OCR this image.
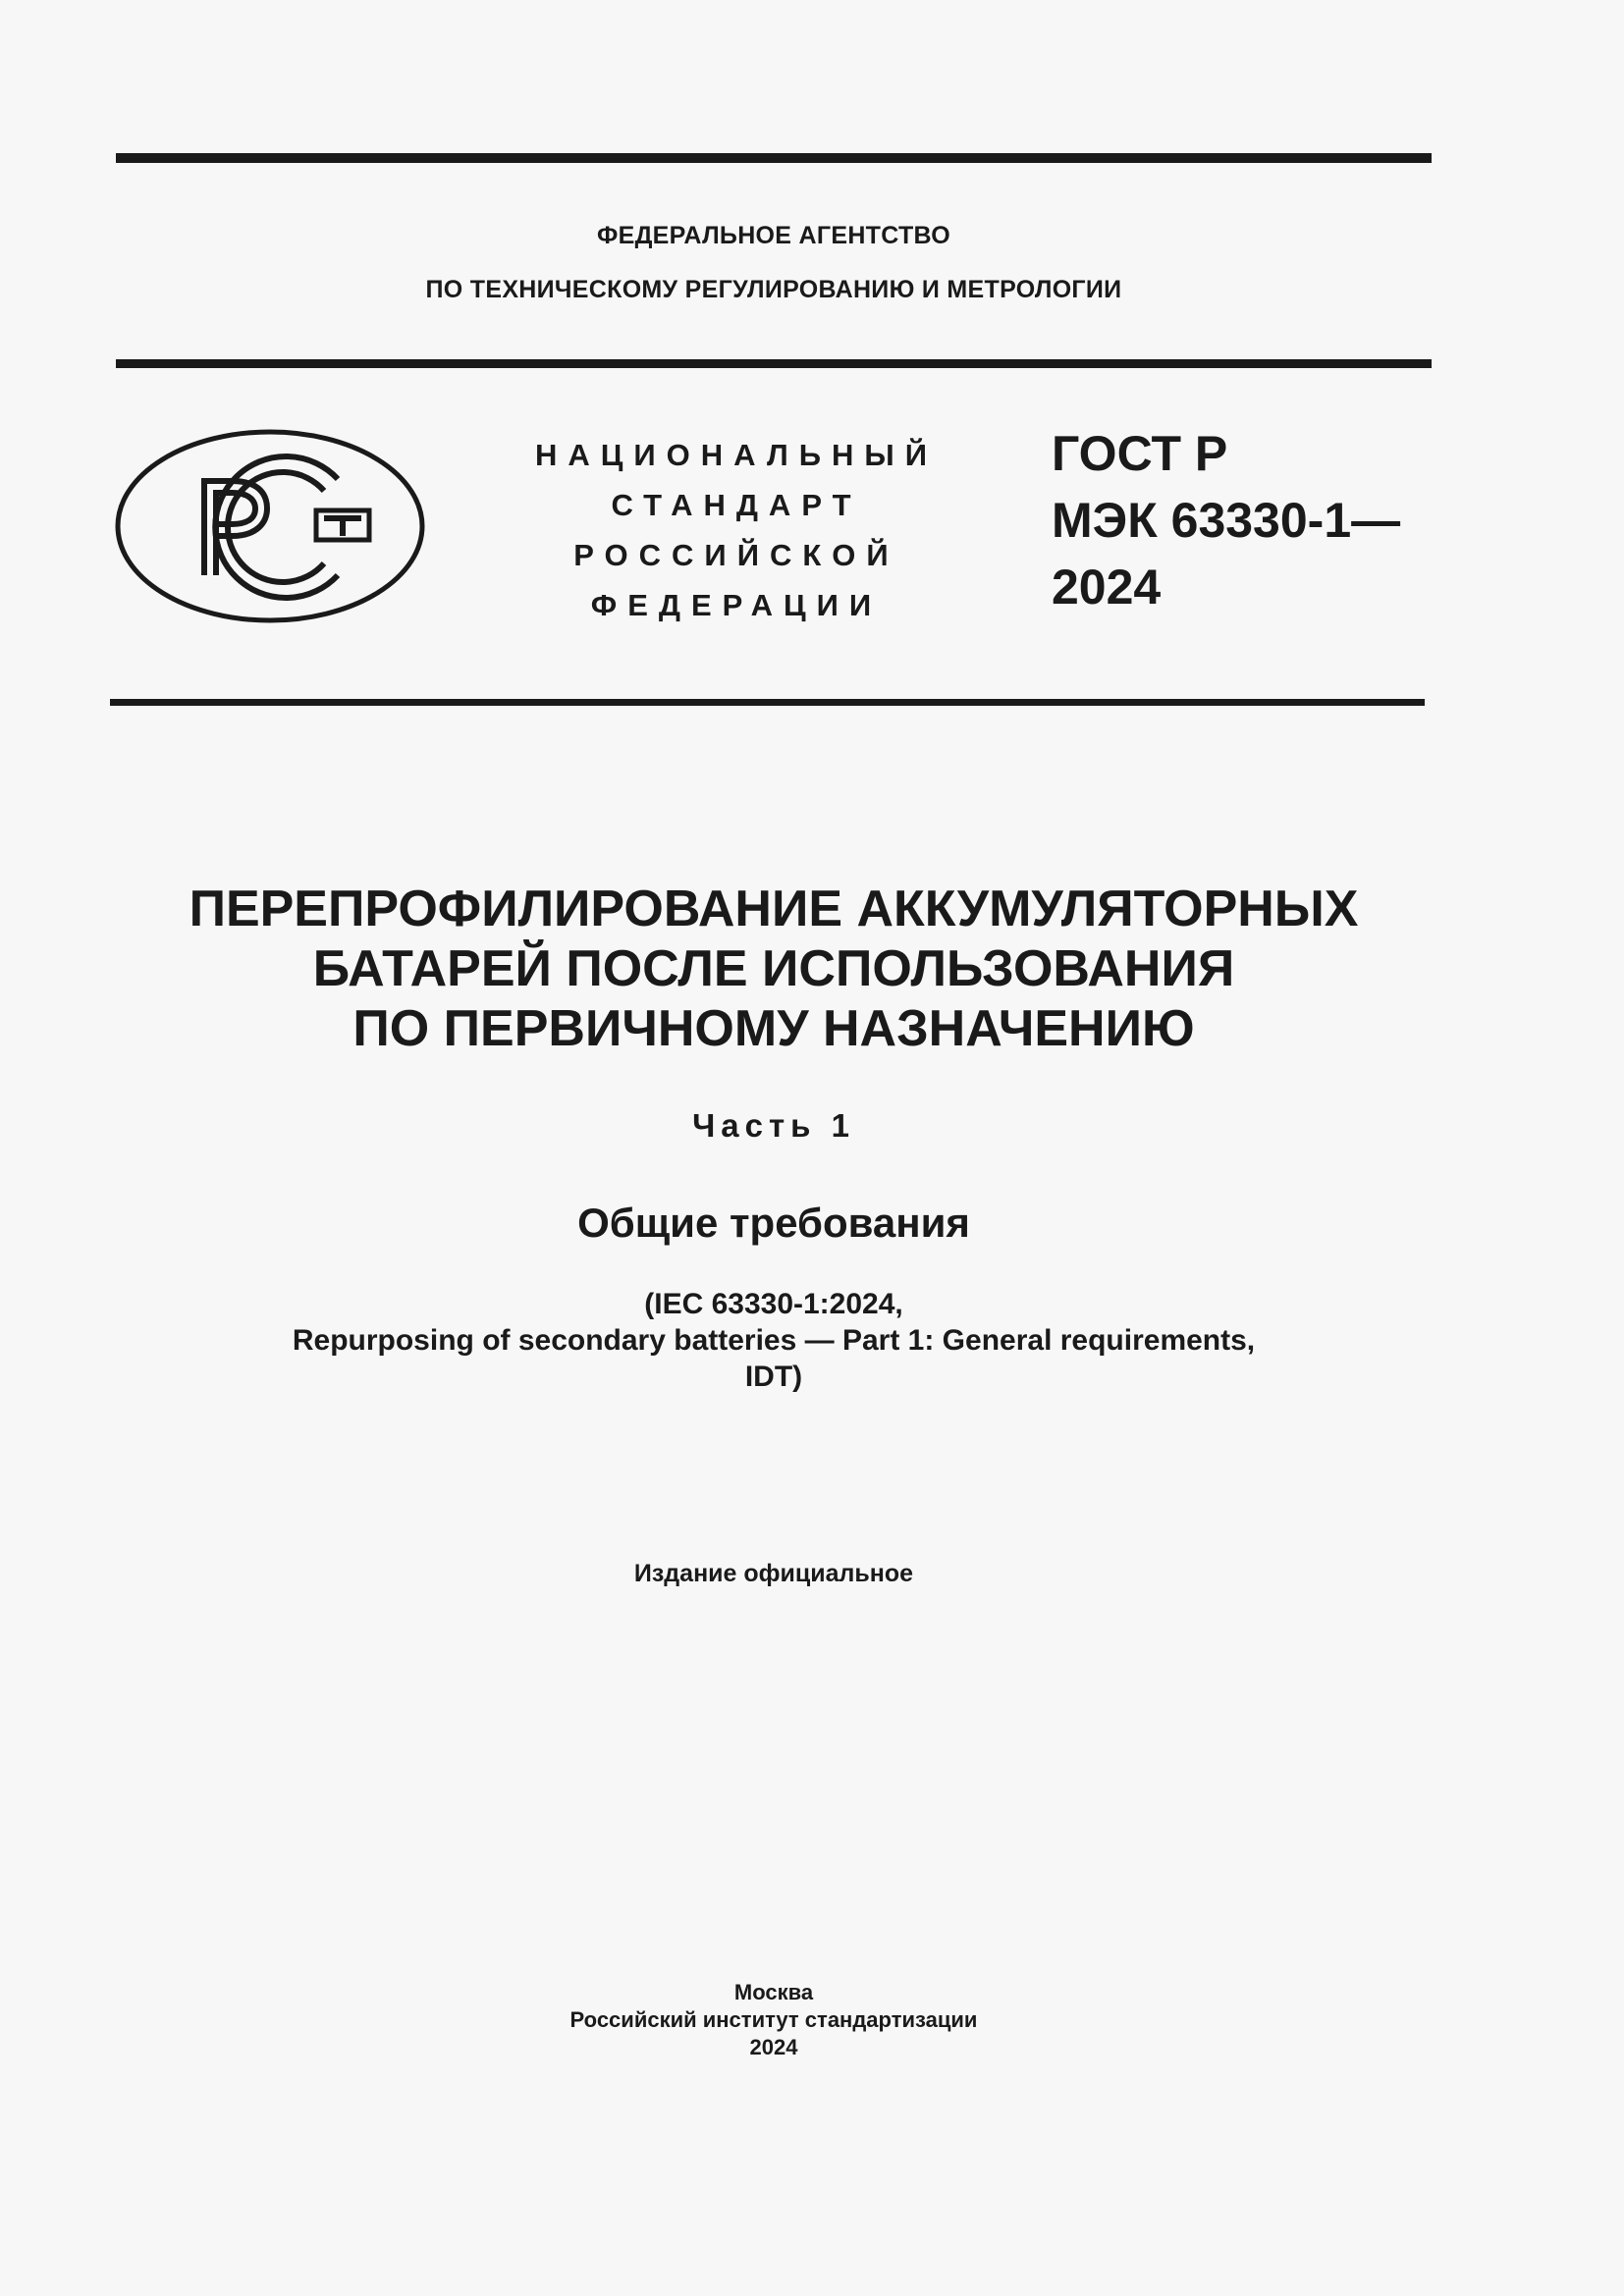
ФЕДЕРАЛЬНОЕ АГЕНТСТВО
ПО ТЕХНИЧЕСКОМУ РЕГУЛИРОВАНИЮ И МЕТРОЛОГИИ
НАЦИОНАЛЬНЫЙ
СТАНДАРТ
РОССИЙСКОЙ
ФЕДЕРАЦИИ
ГОСТ Р
МЭК 63330-1—
2024
ПЕРЕПРОФИЛИРОВАНИЕ АККУМУЛЯТОРНЫХ
БАТАРЕЙ ПОСЛЕ ИСПОЛЬЗОВАНИЯ
ПО ПЕРВИЧНОМУ НАЗНАЧЕНИЮ
Часть 1
Общие требования
(IEC 63330-1:2024,
Repurposing of secondary batteries — Part 1: General requirements,
IDT)
Издание официальное
Москва
Российский институт стандартизации
2024
